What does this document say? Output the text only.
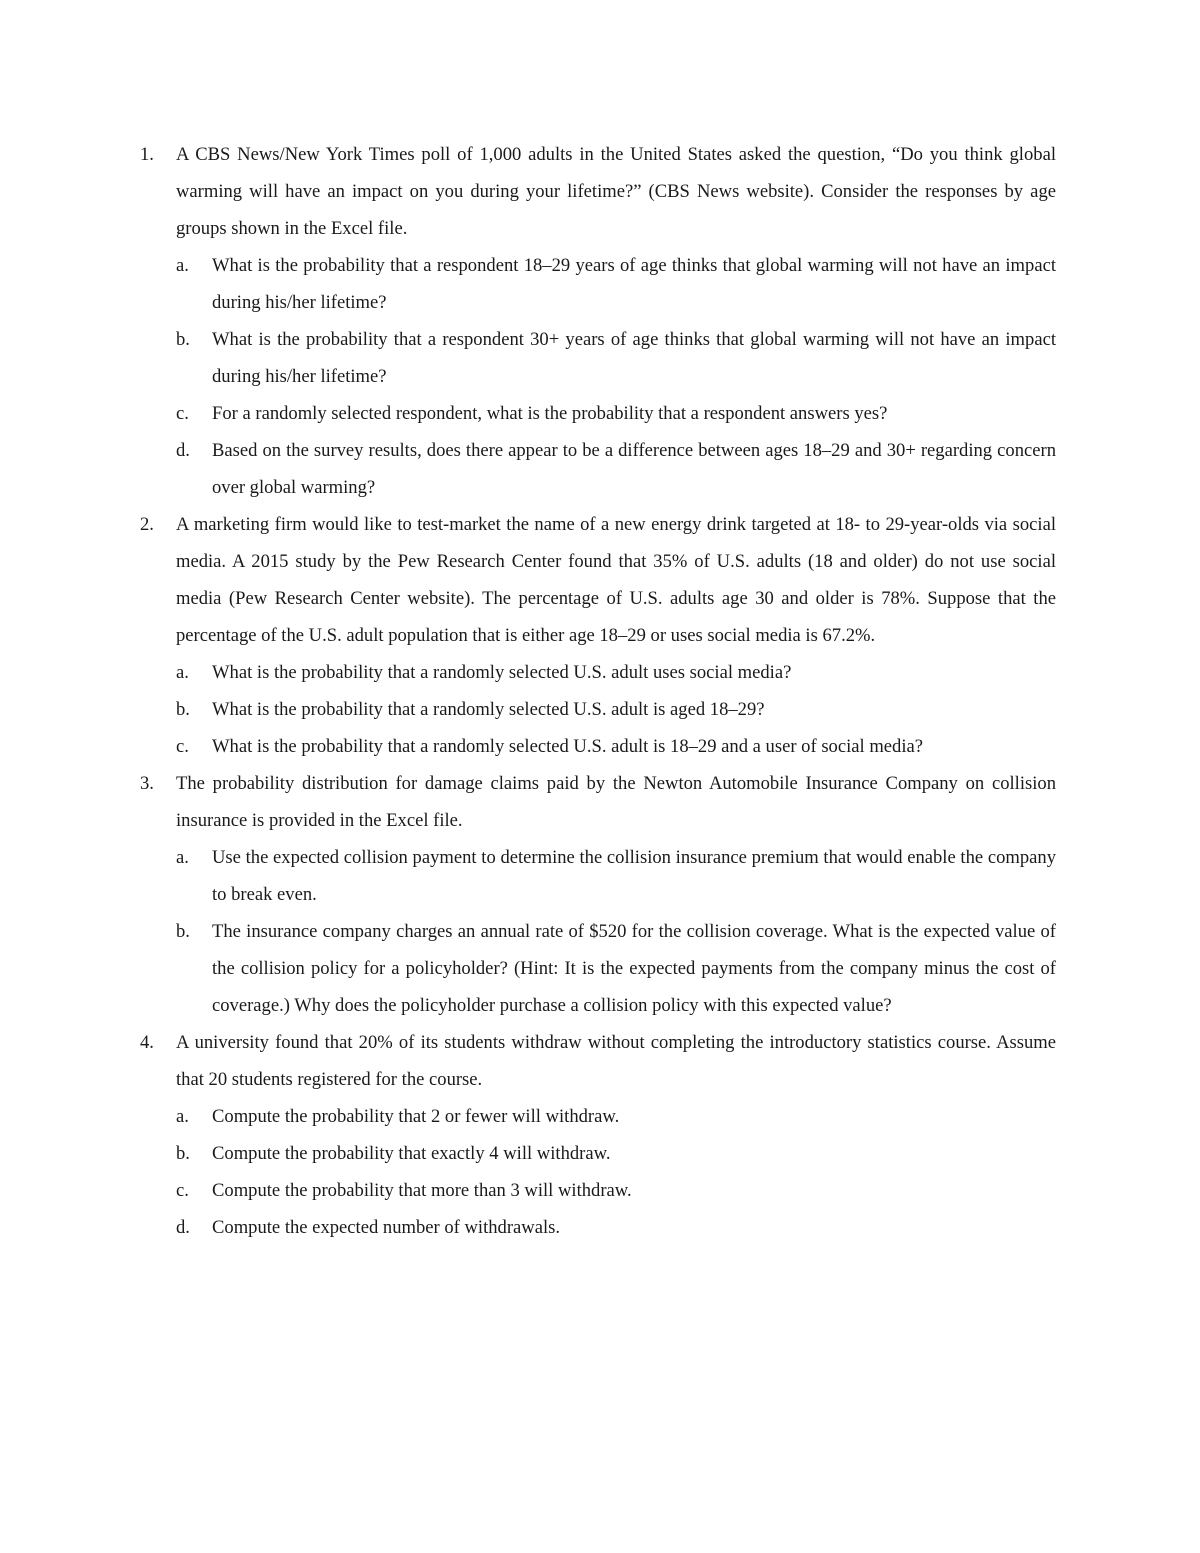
1.	A CBS News/New York Times poll of 1,000 adults in the United States asked the question, “Do you think global warming will have an impact on you during your lifetime?” (CBS News website). Consider the responses by age groups shown in the Excel file.
a.	What is the probability that a respondent 18–29 years of age thinks that global warming will not have an impact during his/her lifetime?
b.	What is the probability that a respondent 30+ years of age thinks that global warming will not have an impact during his/her lifetime?
c.	For a randomly selected respondent, what is the probability that a respondent answers yes?
d.	Based on the survey results, does there appear to be a difference between ages 18–29 and 30+ regarding concern over global warming?
2.	A marketing firm would like to test-market the name of a new energy drink targeted at 18- to 29-year-olds via social media. A 2015 study by the Pew Research Center found that 35% of U.S. adults (18 and older) do not use social media (Pew Research Center website). The percentage of U.S. adults age 30 and older is 78%. Suppose that the percentage of the U.S. adult population that is either age 18–29 or uses social media is 67.2%.
a.	What is the probability that a randomly selected U.S. adult uses social media?
b.	What is the probability that a randomly selected U.S. adult is aged 18–29?
c.	What is the probability that a randomly selected U.S. adult is 18–29 and a user of social media?
3.	The probability distribution for damage claims paid by the Newton Automobile Insurance Company on collision insurance is provided in the Excel file.
a.	Use the expected collision payment to determine the collision insurance premium that would enable the company to break even.
b.	The insurance company charges an annual rate of $520 for the collision coverage. What is the expected value of the collision policy for a policyholder? (Hint: It is the expected payments from the company minus the cost of coverage.) Why does the policyholder purchase a collision policy with this expected value?
4.	A university found that 20% of its students withdraw without completing the introductory statistics course. Assume that 20 students registered for the course.
a.	Compute the probability that 2 or fewer will withdraw.
b.	Compute the probability that exactly 4 will withdraw.
c.	Compute the probability that more than 3 will withdraw.
d.	Compute the expected number of withdrawals.
